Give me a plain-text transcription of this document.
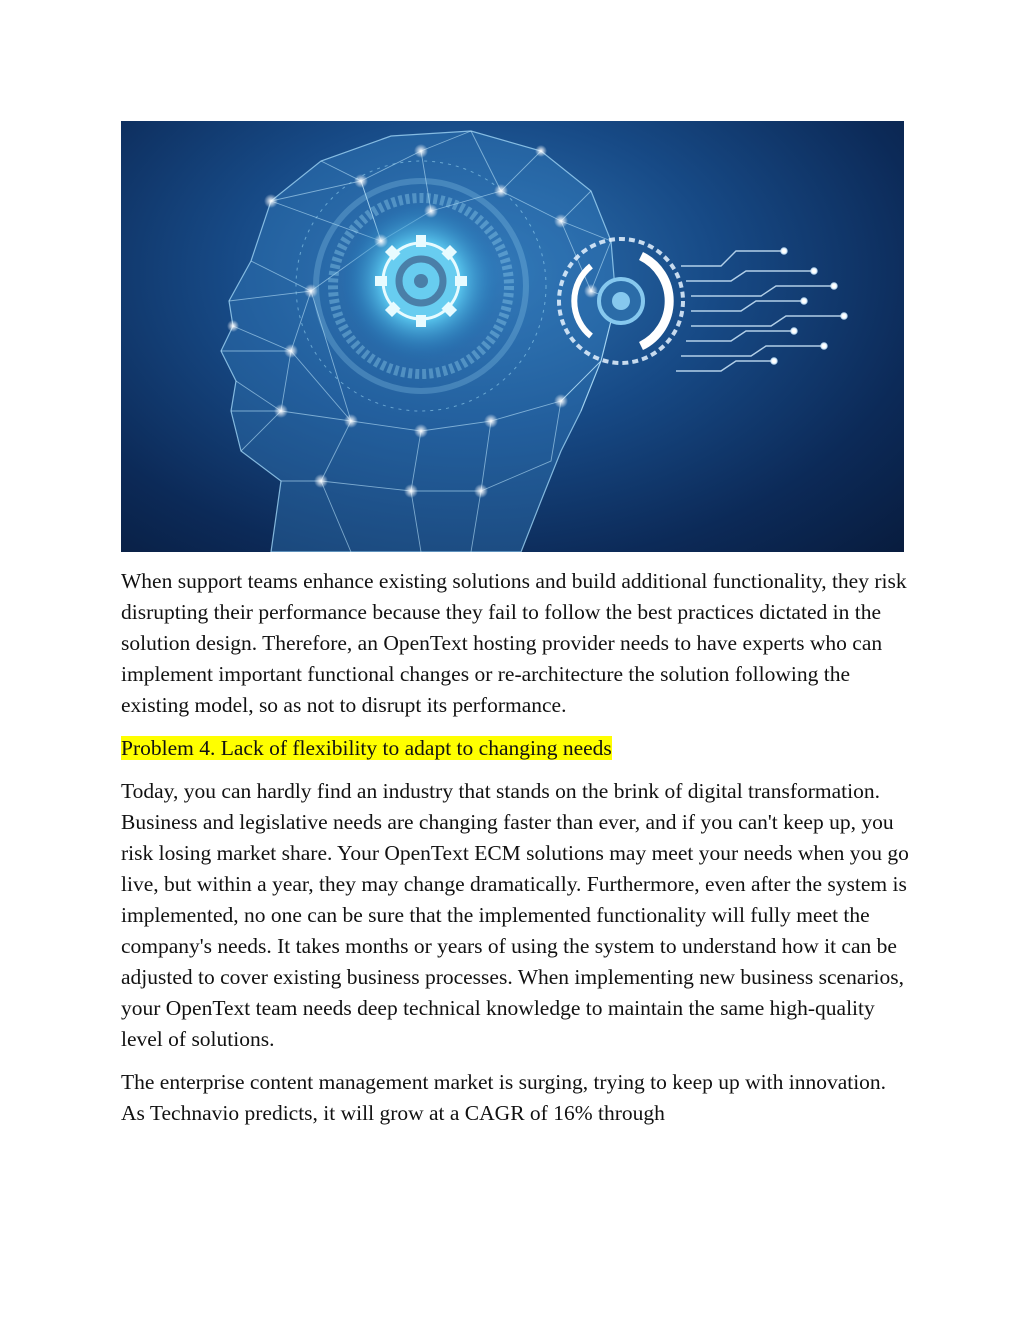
When support teams enhance existing solutions and build additional functionality, they risk disrupting their performance because they fail to follow the best practices dictated in the solution design. Therefore, an OpenText hosting provider needs to have experts who can implement important functional changes or re-architecture the solution following the existing model, so as not to disrupt its performance.

Problem 4. Lack of flexibility to adapt to changing needs

Today, you can hardly find an industry that stands on the brink of digital transformation. Business and legislative needs are changing faster than ever, and if you can't keep up, you risk losing market share. Your OpenText ECM solutions may meet your needs when you go live, but within a year, they may change dramatically. Furthermore, even after the system is implemented, no one can be sure that the implemented functionality will fully meet the company's needs. It takes months or years of using the system to understand how it can be adjusted to cover existing business processes. When implementing new business scenarios, your OpenText team needs deep technical knowledge to maintain the same high-quality level of solutions.

The enterprise content management market is surging, trying to keep up with innovation. As Technavio predicts, it will grow at a CAGR of 16% through
